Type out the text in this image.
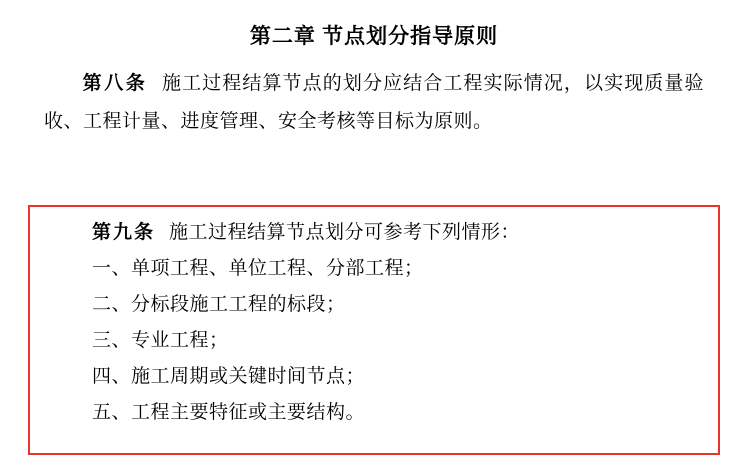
第二章 节点划分指导原则

第八条 施工过程结算节点的划分应结合工程实际情况，以实现质量验收、工程计量、进度管理、安全考核等目标为原则。

第九条 施工过程结算节点划分可参考下列情形：

一、单项工程、单位工程、分部工程；

二、分标段施工工程的标段；

三、专业工程；

四、施工周期或关键时间节点；

五、工程主要特征或主要结构。
